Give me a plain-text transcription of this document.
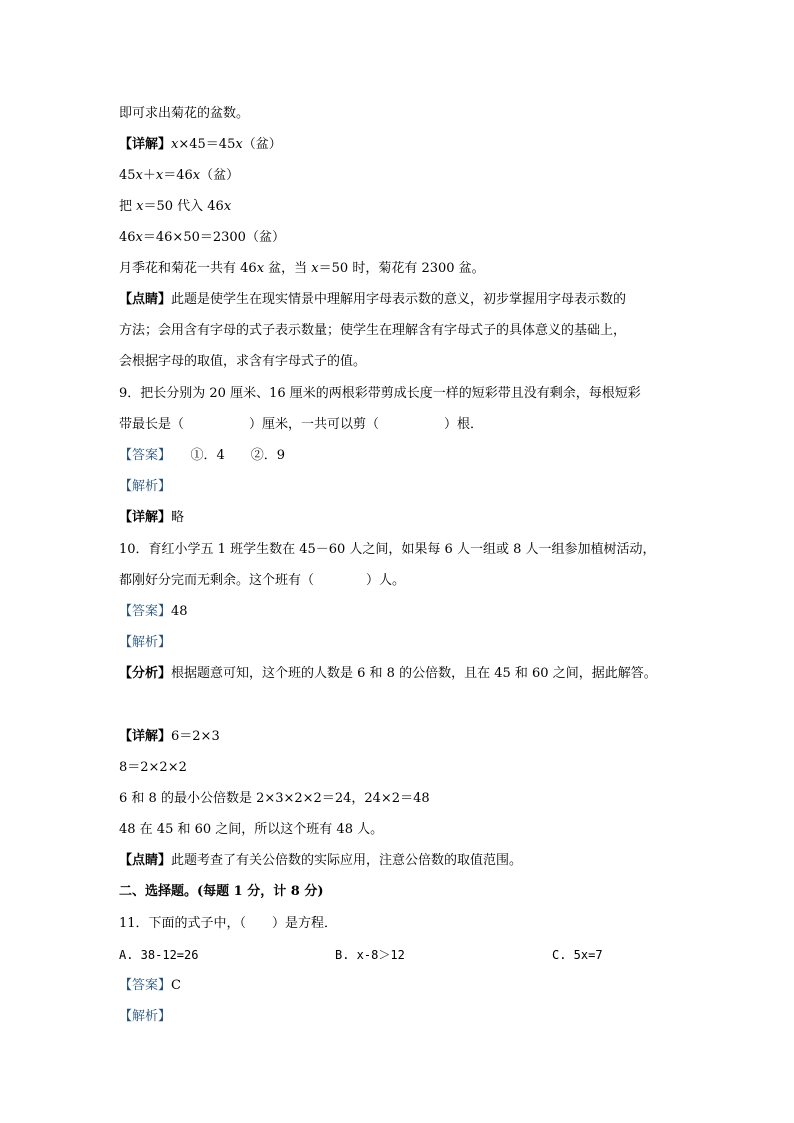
即可求出菊花的盆数。
【详解】x×45＝45x（盆）
45x＋x＝46x（盆）
把 x＝50 代入 46x
46x＝46×50＝2300（盆）
月季花和菊花一共有 46x 盆，当 x＝50 时，菊花有 2300 盆。
【点睛】此题是使学生在现实情景中理解用字母表示数的意义，初步掌握用字母表示数的
方法；会用含有字母的式子表示数量；使学生在理解含有字母式子的具体意义的基础上，
会根据字母的取值，求含有字母式子的值。
9．把长分别为 20 厘米、16 厘米的两根彩带剪成长度一样的短彩带且没有剩余，每根短彩
带最长是（　　　　　）厘米，一共可以剪（　　　　　）根．
【答案】　　①．4　　②．9
【解析】
【详解】略
10．育红小学五 1 班学生数在 45－60 人之间，如果每 6 人一组或 8 人一组参加植树活动，
都刚好分完而无剩余。这个班有（　　　　）人。
【答案】48
【解析】
【分析】根据题意可知，这个班的人数是 6 和 8 的公倍数，且在 45 和 60 之间，据此解答。
【详解】6＝2×3
8＝2×2×2
6 和 8 的最小公倍数是 2×3×2×2＝24，24×2＝48
48 在 45 和 60 之间，所以这个班有 48 人。
【点睛】此题考查了有关公倍数的实际应用，注意公倍数的取值范围。
二、选择题。(每题 1 分，计 8 分)
11．下面的式子中，（　　）是方程．
A. 38-12=26	B. x-8＞12	C. 5x=7
【答案】C
【解析】
